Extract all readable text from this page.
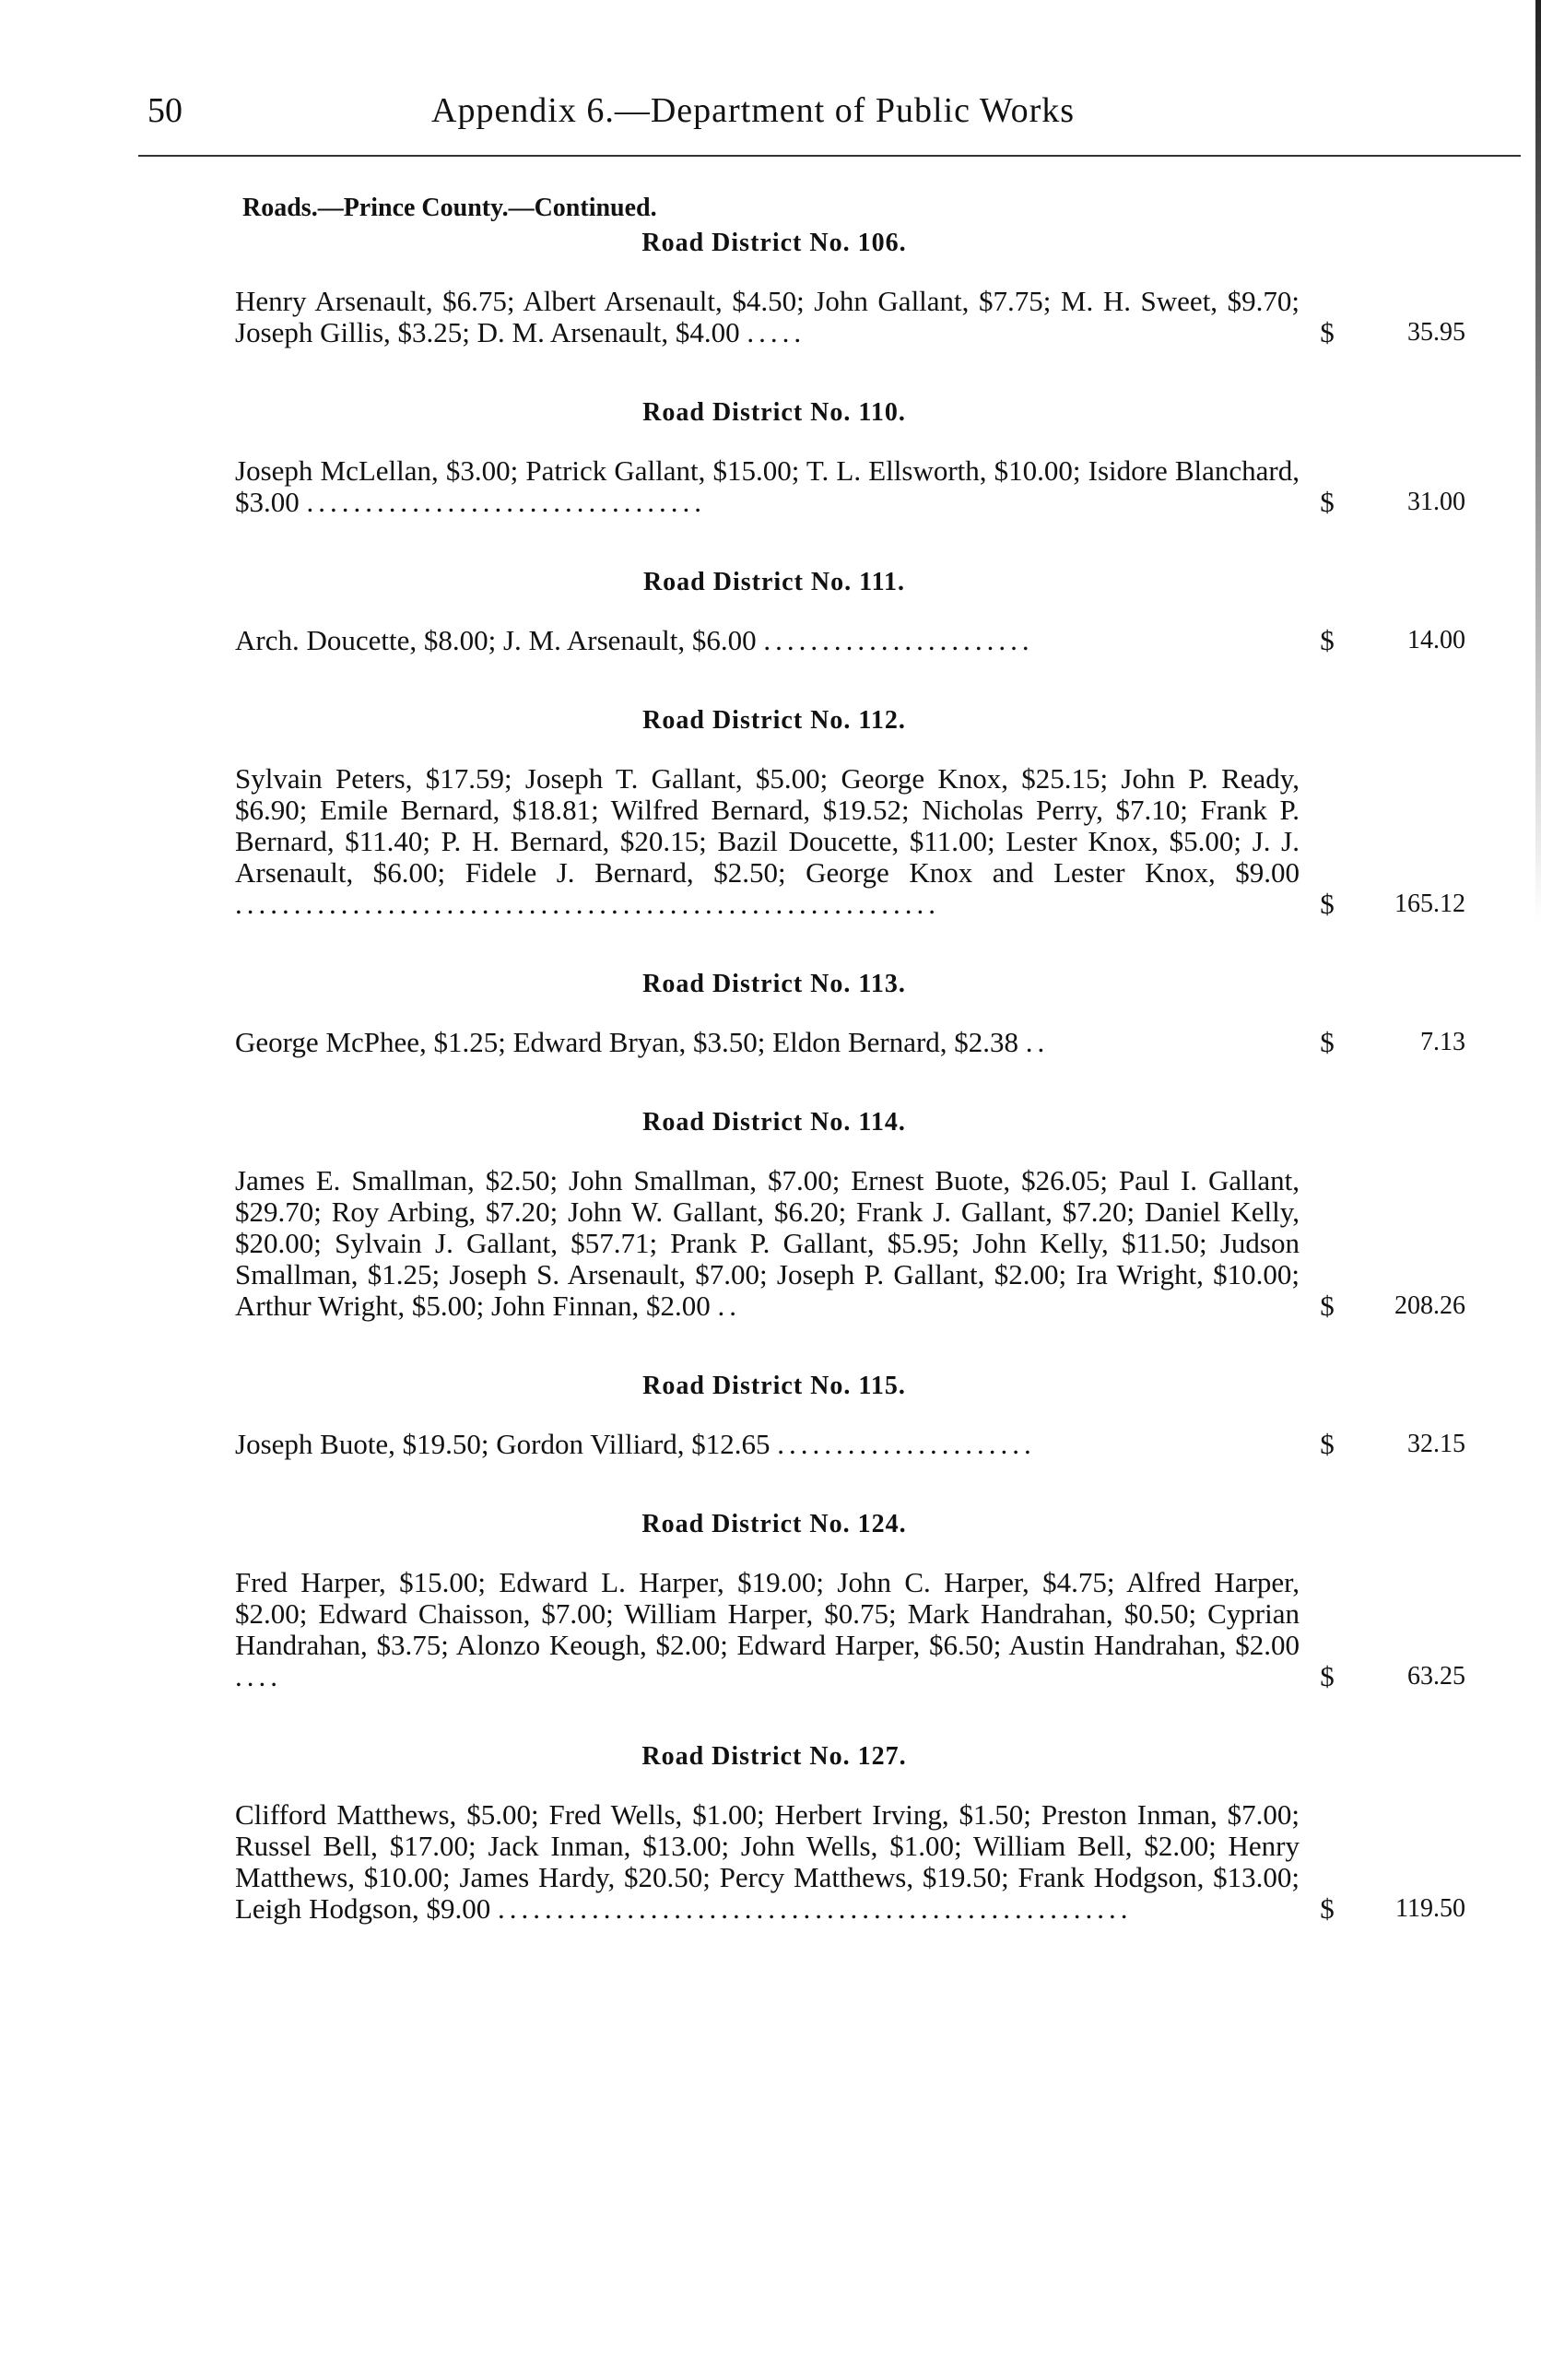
50	Appendix 6.—Department of Public Works
Roads.—Prince County.—Continued.
Road District No. 106.
Henry Arsenault, $6.75; Albert Arsenault, $4.50; John Gallant, $7.75; M. H. Sweet, $9.70; Joseph Gillis, $3.25; D. M. Arsenault, $4.00 .....	$	35.95
Road District No. 110.
Joseph McLellan, $3.00; Patrick Gallant, $15.00; T. L. Ellsworth, $10.00; Isidore Blanchard, $3.00 ..................................	$	31.00
Road District No. 111.
Arch. Doucette, $8.00; J. M. Arsenault, $6.00 .......................	$	14.00
Road District No. 112.
Sylvain Peters, $17.59; Joseph T. Gallant, $5.00; George Knox, $25.15; John P. Ready, $6.90; Emile Bernard, $18.81; Wilfred Bernard, $19.52; Nicholas Perry, $7.10; Frank P. Bernard, $11.40; P. H. Bernard, $20.15; Bazil Doucette, $11.00; Lester Knox, $5.00; J. J. Arsenault, $6.00; Fidele J. Bernard, $2.50; George Knox and Lester Knox, $9.00 ............................................................	$	165.12
Road District No. 113.
George McPhee, $1.25; Edward Bryan, $3.50; Eldon Bernard, $2.38 ..	$	7.13
Road District No. 114.
James E. Smallman, $2.50; John Smallman, $7.00; Ernest Buote, $26.05; Paul I. Gallant, $29.70; Roy Arbing, $7.20; John W. Gallant, $6.20; Frank J. Gallant, $7.20; Daniel Kelly, $20.00; Sylvain J. Gallant, $57.71; Prank P. Gallant, $5.95; John Kelly, $11.50; Judson Smallman, $1.25; Joseph S. Arsenault, $7.00; Joseph P. Gallant, $2.00; Ira Wright, $10.00; Arthur Wright, $5.00; John Finnan, $2.00 ..	$	208.26
Road District No. 115.
Joseph Buote, $19.50; Gordon Villiard, $12.65 ......................	$	32.15
Road District No. 124.
Fred Harper, $15.00; Edward L. Harper, $19.00; John C. Harper, $4.75; Alfred Harper, $2.00; Edward Chaisson, $7.00; William Harper, $0.75; Mark Handrahan, $0.50; Cyprian Handrahan, $3.75; Alonzo Keough, $2.00; Edward Harper, $6.50; Austin Handrahan, $2.00 ....	$	63.25
Road District No. 127.
Clifford Matthews, $5.00; Fred Wells, $1.00; Herbert Irving, $1.50; Preston Inman, $7.00; Russel Bell, $17.00; Jack Inman, $13.00; John Wells, $1.00; William Bell, $2.00; Henry Matthews, $10.00; James Hardy, $20.50; Percy Matthews, $19.50; Frank Hodgson, $13.00; Leigh Hodgson, $9.00 ......................................................	$	119.50
